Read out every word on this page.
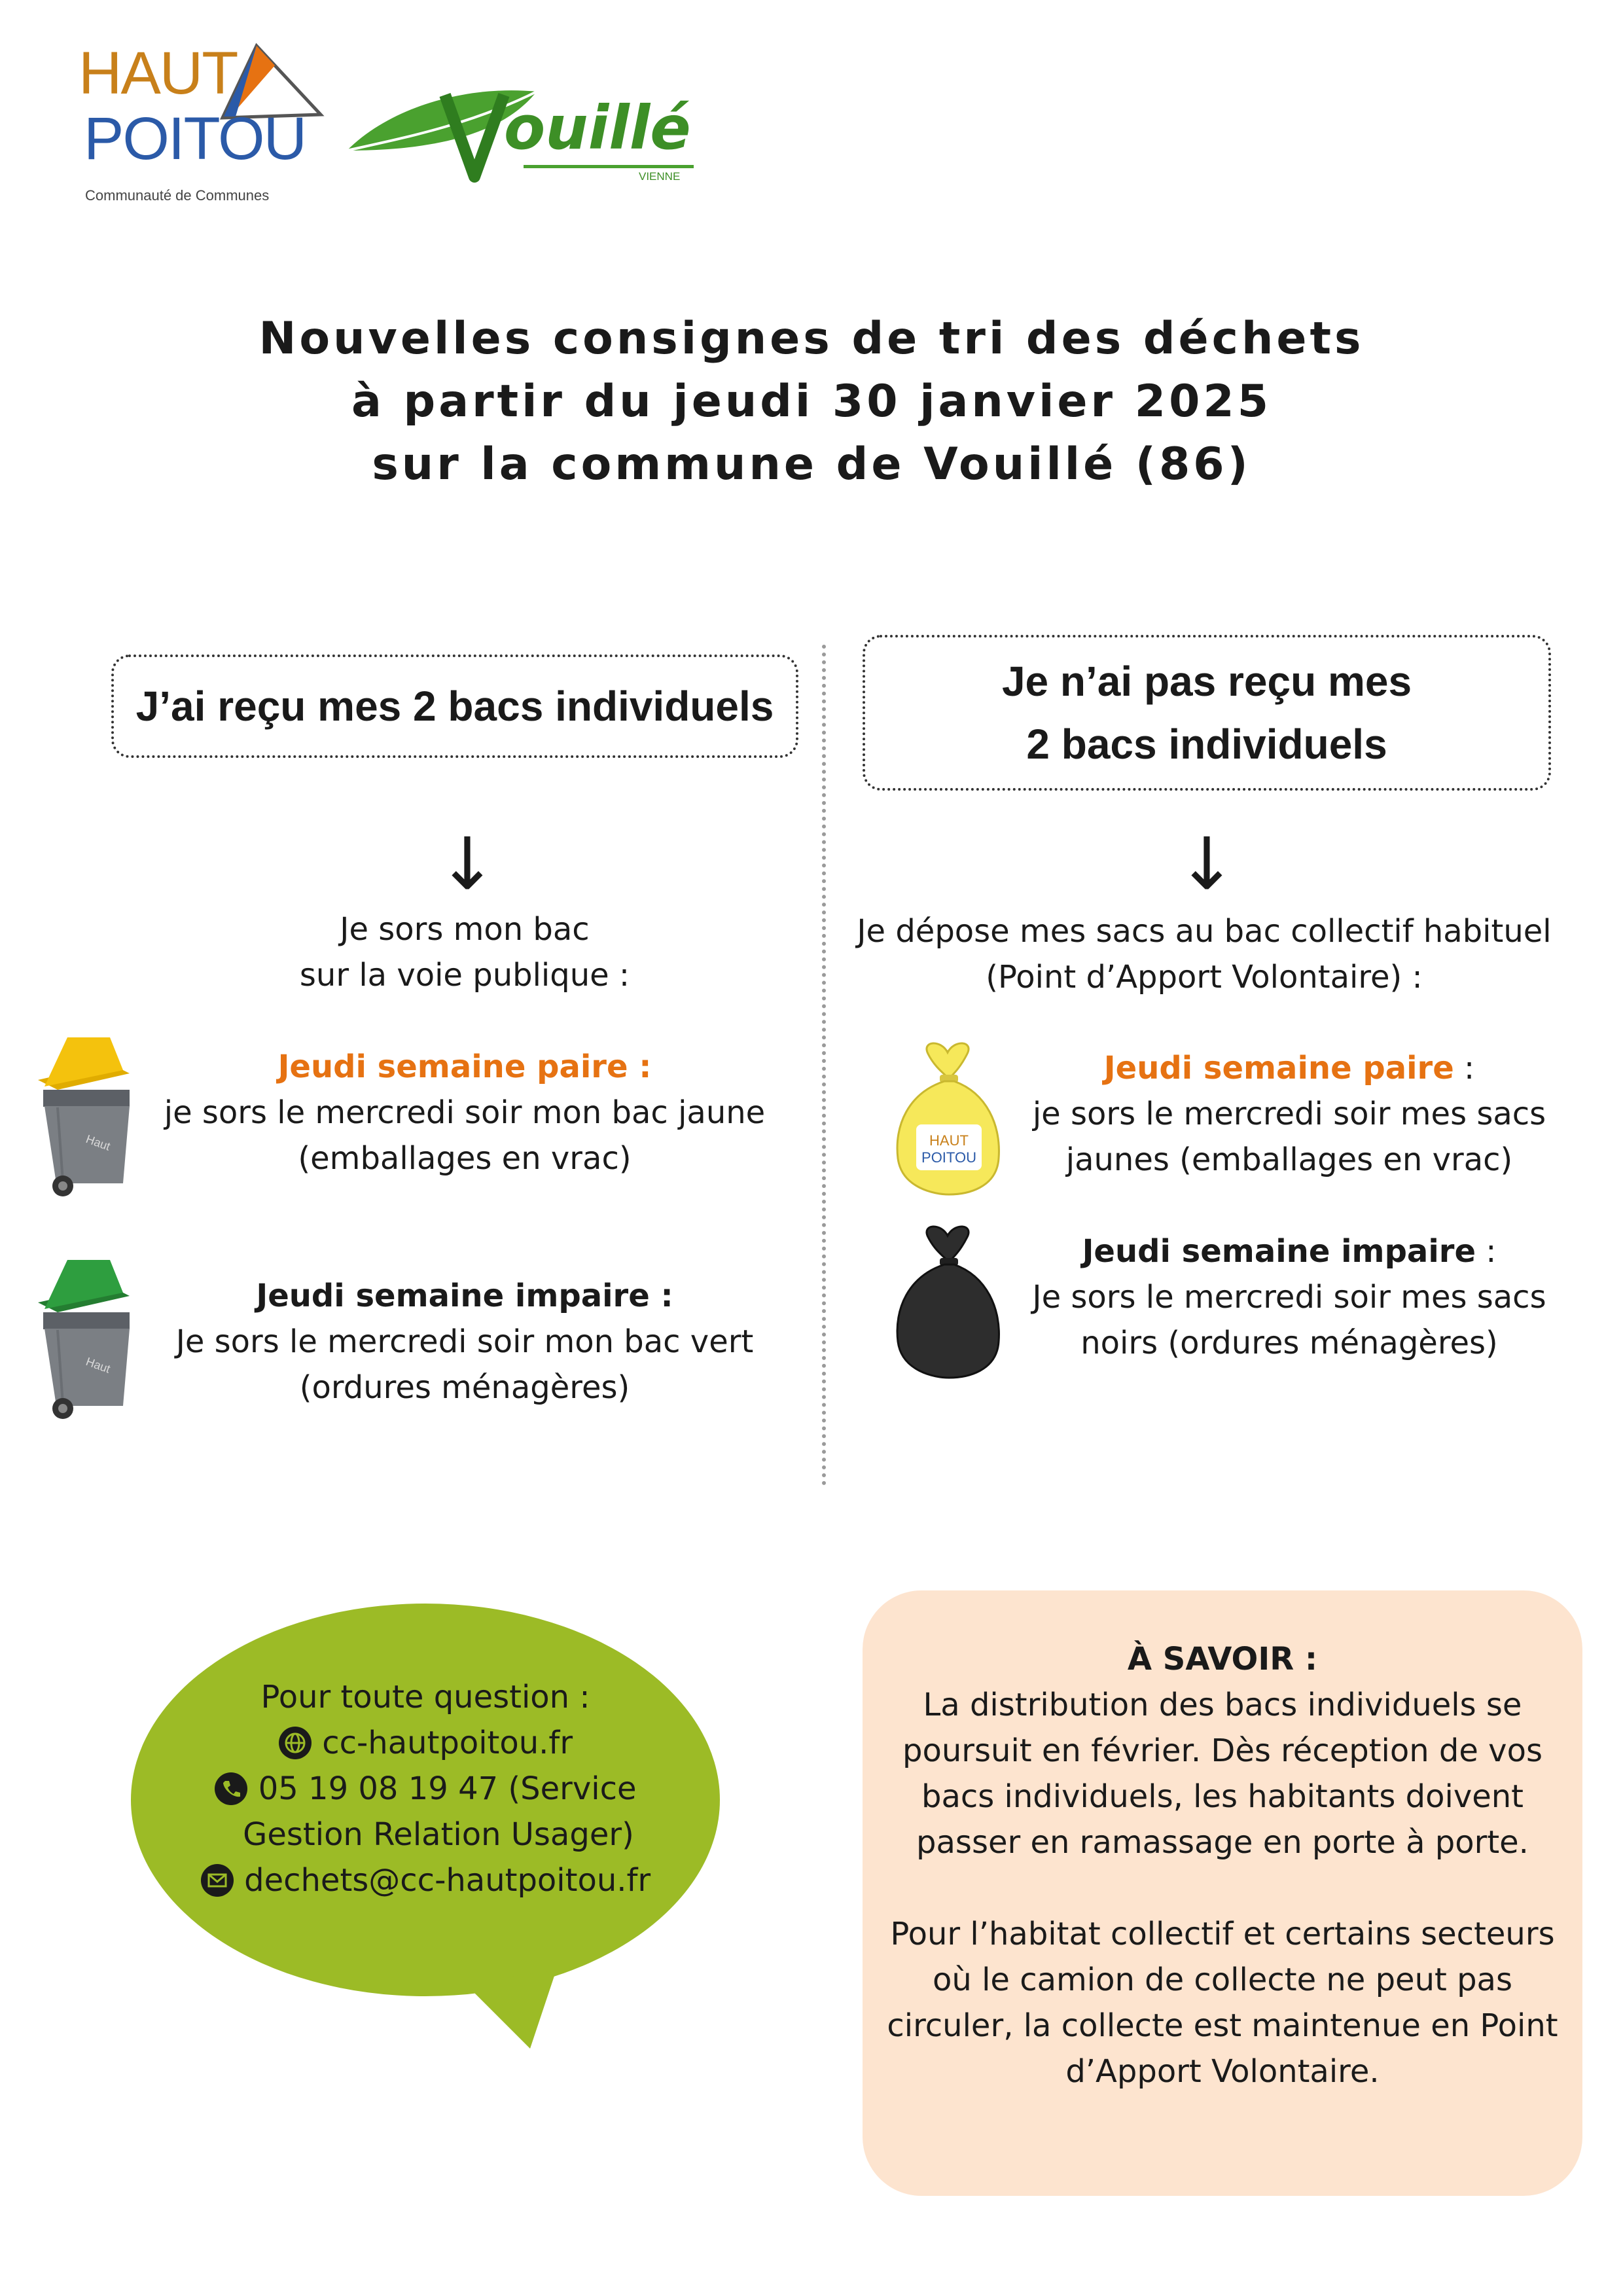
HAUT
POITOU
Communauté de Communes
ouillé
VIENNE
Nouvelles consignes de tri des déchets
à partir du jeudi 30 janvier 2025
sur la commune de Vouillé (86)
J’ai reçu mes 2 bacs individuels
↓
Je sors mon bac
sur la voie publique :
Haut
Jeudi semaine paire :
je sors le mercredi soir mon bac jaune
(emballages en vrac)
Haut
Jeudi semaine impaire :
Je sors le mercredi soir mon bac vert
(ordures ménagères)
Je n’ai pas reçu mes
2 bacs individuels
↓
Je dépose mes sacs au bac collectif habituel
(Point d’Apport Volontaire) :
HAUT
POITOU
Jeudi semaine paire :
je sors le mercredi soir mes sacs
jaunes (emballages en vrac)
Jeudi semaine impaire :
Je sors le mercredi soir mes sacs
noirs (ordures ménagères)
Pour toute question :
cc-hautpoitou.fr
05 19 08 19 47 (Service
Gestion Relation Usager)
dechets@cc-hautpoitou.fr
À SAVOIR :
La distribution des bacs individuels se
poursuit en février. Dès réception de vos
bacs individuels, les habitants doivent
passer en ramassage en porte à porte.
Pour l’habitat collectif et certains secteurs
où le camion de collecte ne peut pas
circuler, la collecte est maintenue en Point
d’Apport Volontaire.
